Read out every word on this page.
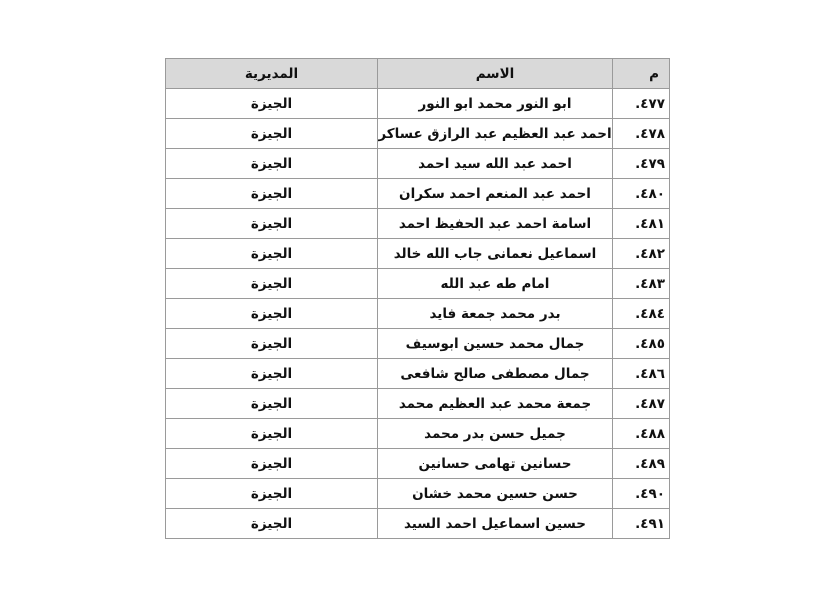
م	الاسم	المديرية
٤٧٧.	ابو النور محمد ابو النور	الجيزة
٤٧٨.	احمد عبد العظيم عبد الرازق عساكر	الجيزة
٤٧٩.	احمد عبد الله سيد احمد	الجيزة
٤٨٠.	احمد عبد المنعم احمد سكران	الجيزة
٤٨١.	اسامة احمد عبد الحفيظ احمد	الجيزة
٤٨٢.	اسماعيل نعمانى جاب الله خالد	الجيزة
٤٨٣.	امام طه عبد الله	الجيزة
٤٨٤.	بدر محمد جمعة فايد	الجيزة
٤٨٥.	جمال محمد حسين ابوسيف	الجيزة
٤٨٦.	جمال مصطفى صالح شافعى	الجيزة
٤٨٧.	جمعة محمد عبد العظيم محمد	الجيزة
٤٨٨.	جميل حسن بدر محمد	الجيزة
٤٨٩.	حسانين تهامى حسانين	الجيزة
٤٩٠.	حسن حسين محمد خشان	الجيزة
٤٩١.	حسين اسماعيل احمد السيد	الجيزة
